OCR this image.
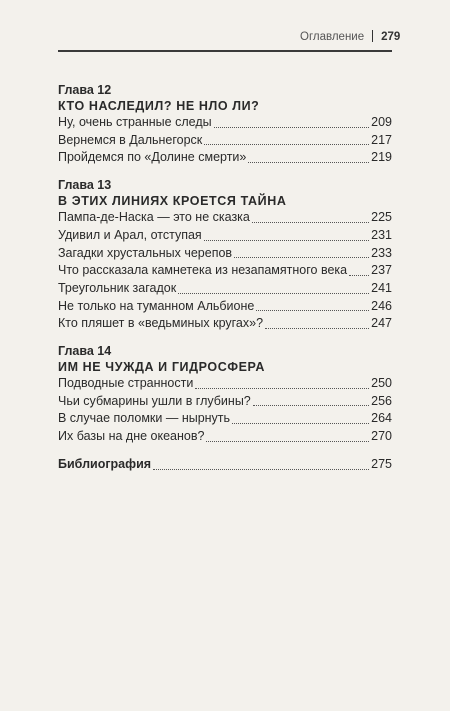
Оглавление 279
Глава 12
КТО НАСЛЕДИЛ? НЕ НЛО ЛИ?
Ну, очень странные следы	209
Вернемся в Дальнегорск	217
Пройдемся по «Долине смерти»	219
Глава 13
В ЭТИХ ЛИНИЯХ КРОЕТСЯ ТАЙНА
Пампа-де-Наска — это не сказка	225
Удивил и Арал, отступая	231
Загадки хрустальных черепов	233
Что рассказала камнетека из незапамятного века 237
Треугольник загадок	241
Не только на туманном Альбионе	246
Кто пляшет в «ведьминых кругах»?	247
Глава 14
ИМ НЕ ЧУЖДА И ГИДРОСФЕРА
Подводные странности	250
Чьи субмарины ушли в глубины?	256
В случае поломки — нырнуть	264
Их базы на дне океанов?	270
Библиография	275
